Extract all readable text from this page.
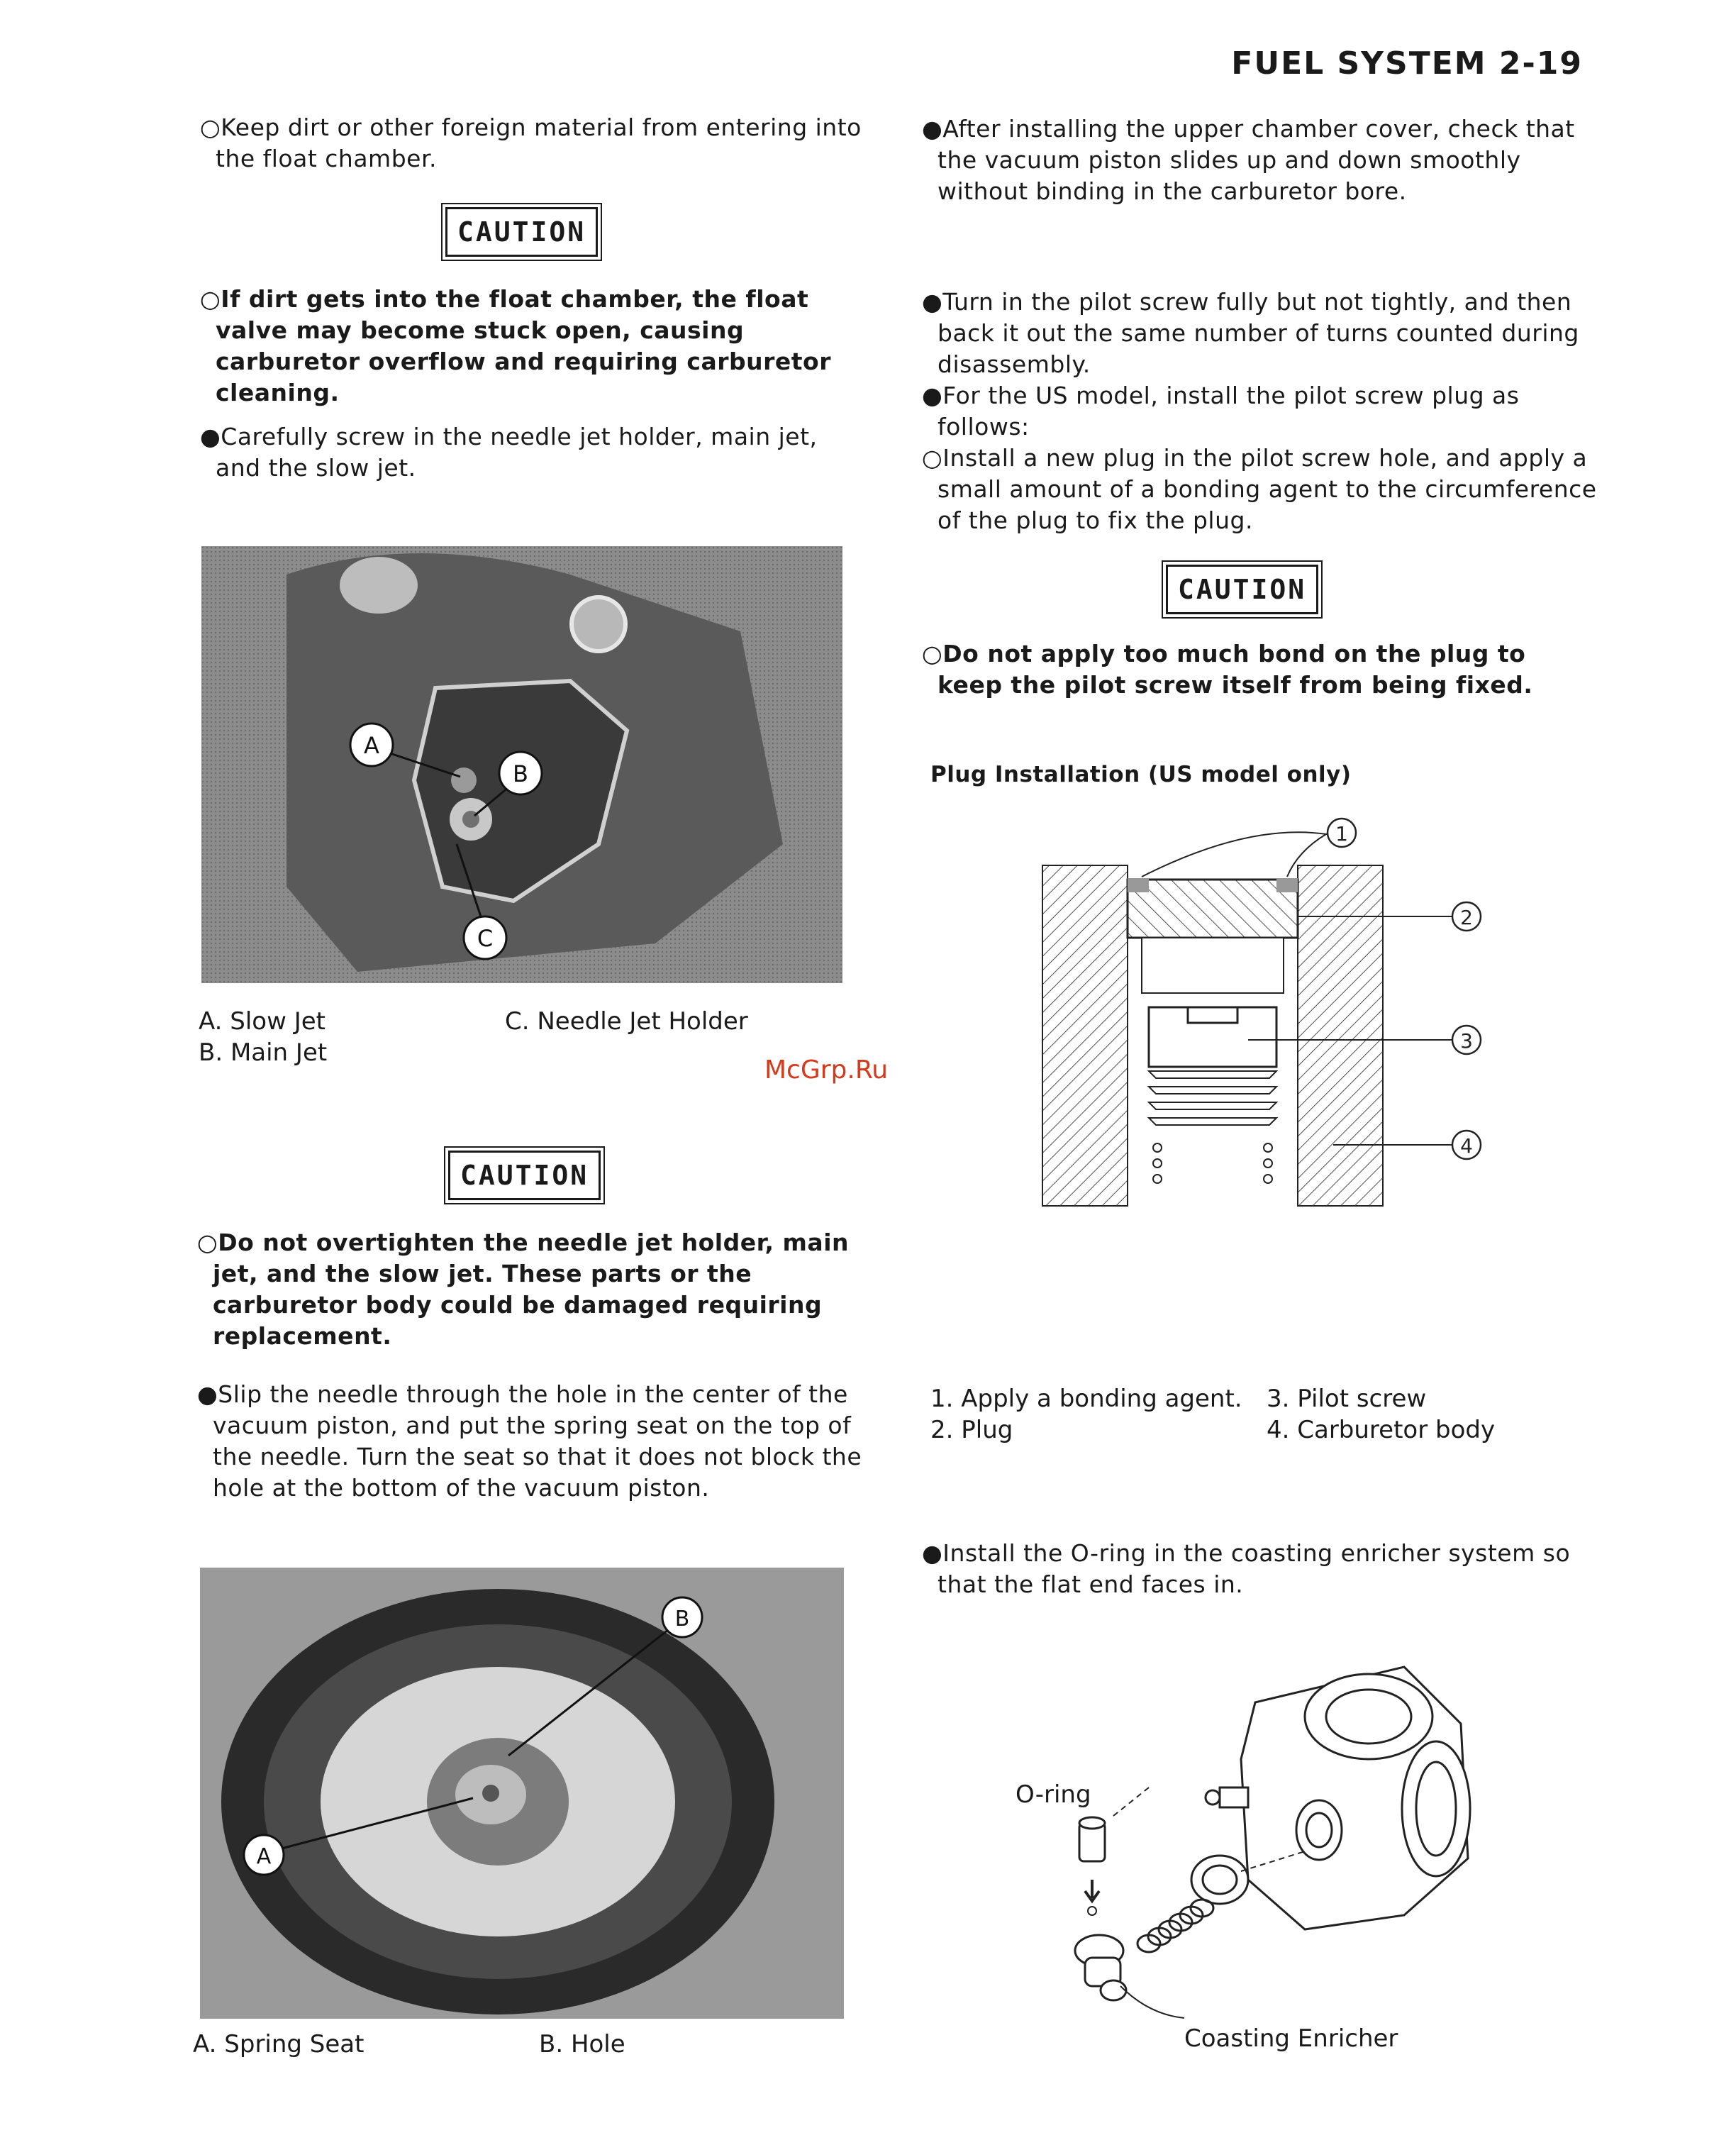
FUEL SYSTEM 2-19
○Keep dirt or other foreign material from entering into the float chamber.
CAUTION
○If dirt gets into the float chamber, the float valve may become stuck open, causing carburetor overflow and requiring carburetor cleaning.
●Carefully screw in the needle jet holder, main jet, and the slow jet.
A
B
C
A. Slow Jet
B. Main Jet
C. Needle Jet Holder
McGrp.Ru
CAUTION
○Do not overtighten the needle jet holder, main jet, and the slow jet. These parts or the carburetor body could be damaged requiring replacement.
●Slip the needle through the hole in the center of the vacuum piston, and put the spring seat on the top of the needle. Turn the seat so that it does not block the hole at the bottom of the vacuum piston.
A
B
A. Spring Seat	B. Hole
●After installing the upper chamber cover, check that the vacuum piston slides up and down smoothly without binding in the carburetor bore.
●Turn in the pilot screw fully but not tightly, and then back it out the same number of turns counted during disassembly.
●For the US model, install the pilot screw plug as follows:
○Install a new plug in the pilot screw hole, and apply a small amount of a bonding agent to the circumference of the plug to fix the plug.
CAUTION
○Do not apply too much bond on the plug to keep the pilot screw itself from being fixed.
Plug Installation (US model only)
1
2
3
4
1. Apply a bonding agent.
2. Plug
3. Pilot screw
4. Carburetor body
●Install the O-ring in the coasting enricher system so that the flat end faces in.
O-ring
Coasting Enricher
